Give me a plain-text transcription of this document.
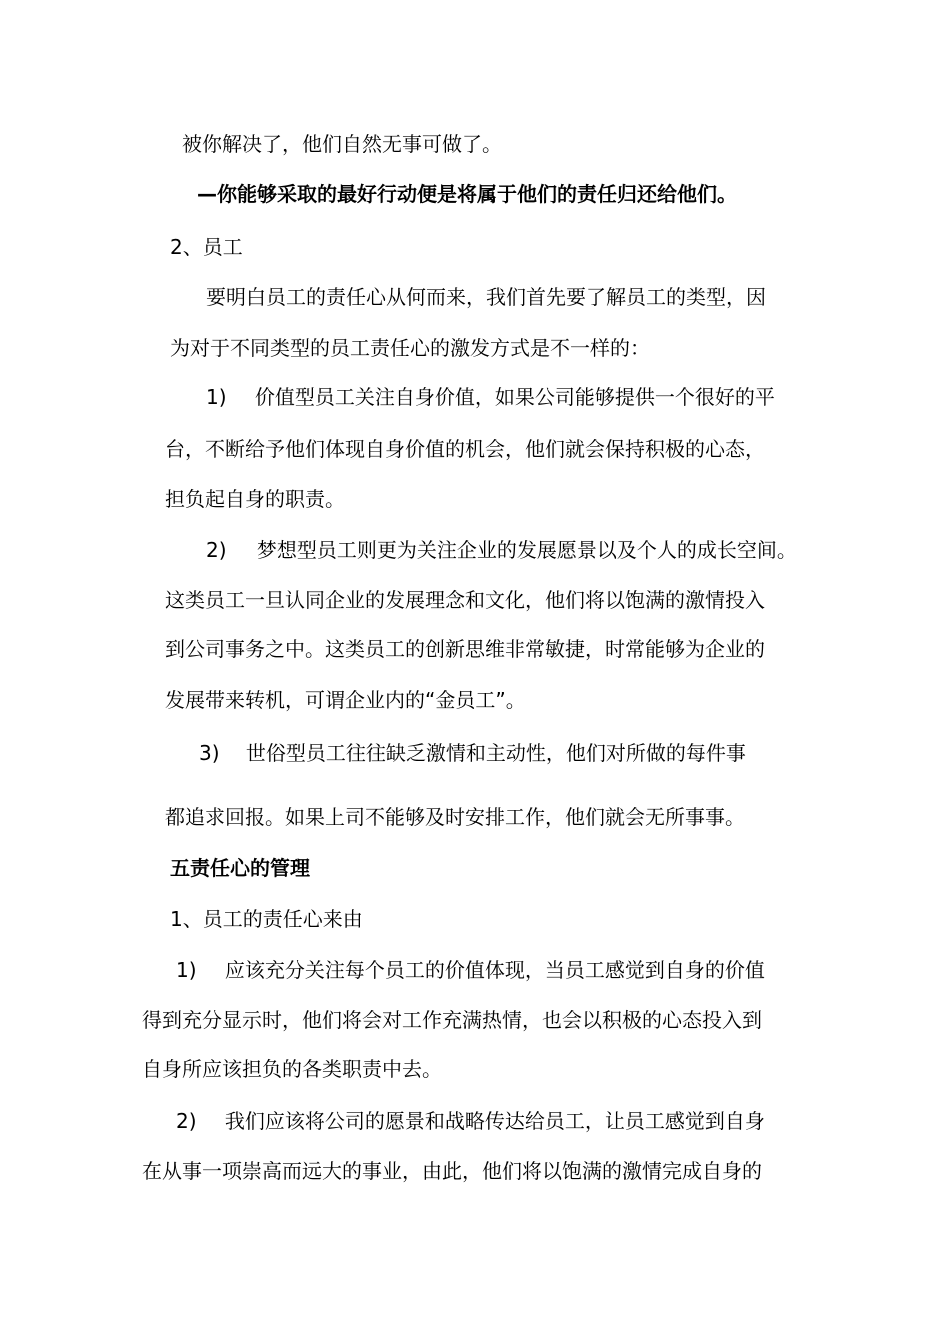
被你解决了，他们自然无事可做了。
—你能够采取的最好行动便是将属于他们的责任归还给他们。
2、员工
要明白员工的责任心从何而来，我们首先要了解员工的类型，因
为对于不同类型的员工责任心的激发方式是不一样的：
1) 价值型员工关注自身价值，如果公司能够提供一个很好的平
台，不断给予他们体现自身价值的机会，他们就会保持积极的心态，
担负起自身的职责。
2) 梦想型员工则更为关注企业的发展愿景以及个人的成长空间。
这类员工一旦认同企业的发展理念和文化，他们将以饱满的激情投入
到公司事务之中。这类员工的创新思维非常敏捷，时常能够为企业的
发展带来转机，可谓企业内的“金员工”。
3) 世俗型员工往往缺乏激情和主动性，他们对所做的每件事
都追求回报。如果上司不能够及时安排工作，他们就会无所事事。
五责任心的管理
1、员工的责任心来由
1) 应该充分关注每个员工的价值体现，当员工感觉到自身的价值
得到充分显示时，他们将会对工作充满热情，也会以积极的心态投入到
自身所应该担负的各类职责中去。
2) 我们应该将公司的愿景和战略传达给员工，让员工感觉到自身
在从事一项崇高而远大的事业，由此，他们将以饱满的激情完成自身的
